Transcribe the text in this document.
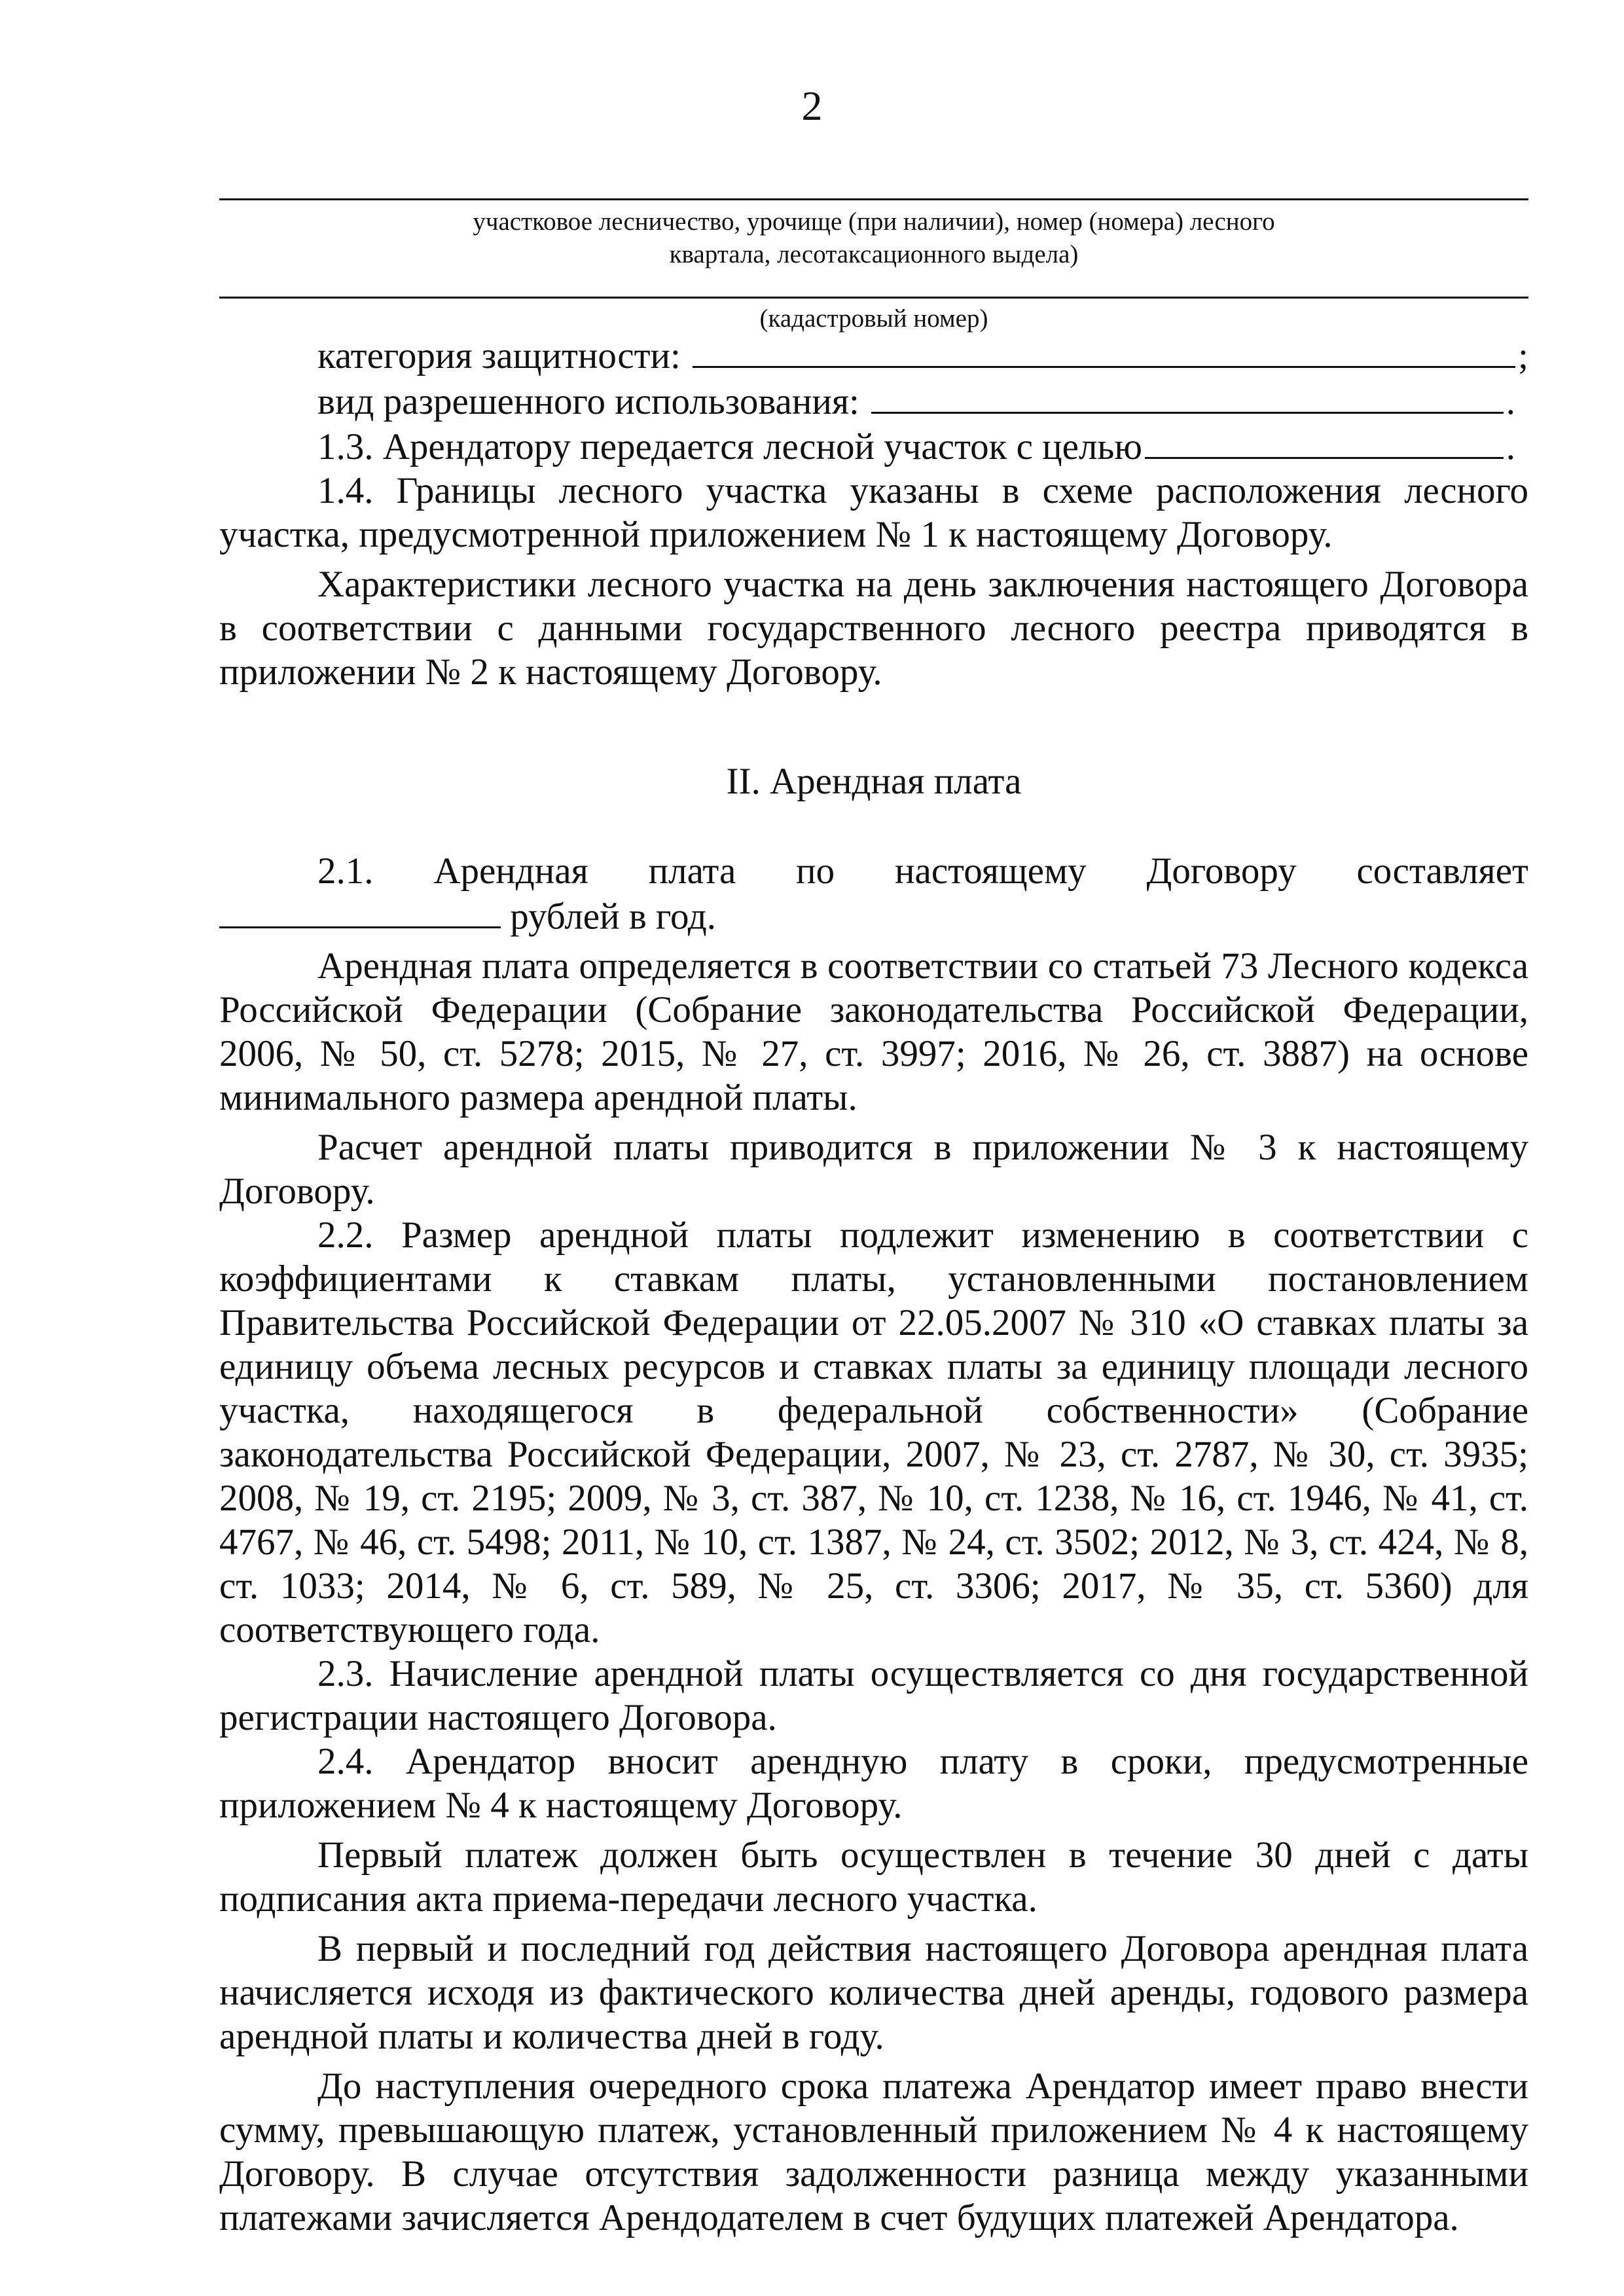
2
участковое лесничество, урочище (при наличии), номер (номера) лесного
квартала, лесотаксационного выдела)
(кадастровый номер)
категория защитности:	;
вид разрешенного использования:	.
1.3. Арендатору передается лесной участок с целью	.

1.4. Границы лесного участка указаны в схеме расположения лесного участка, предусмотренной приложением № 1 к настоящему Договору.

Характеристики лесного участка на день заключения настоящего Договора в соответствии с данными государственного лесного реестра приводятся в приложении № 2 к настоящему Договору.

II. Арендная плата
2.1. Арендная плата по настоящему Договору составляет
рублей в год.

Арендная плата определяется в соответствии со статьей 73 Лесного кодекса Российской Федерации (Собрание законодательства Российской Федерации, 2006, № 50, ст. 5278; 2015, № 27, ст. 3997; 2016, № 26, ст. 3887) на основе минимального размера арендной платы.

Расчет арендной платы приводится в приложении № 3 к настоящему Договору.

2.2. Размер арендной платы подлежит изменению в соответствии с коэффициентами к ставкам платы, установленными постановлением Правительства Российской Федерации от 22.05.2007 № 310 «О ставках платы за единицу объема лесных ресурсов и ставках платы за единицу площади лесного участка, находящегося в федеральной собственности» (Собрание законодательства Российской Федерации, 2007, № 23, ст. 2787, № 30, ст. 3935; 2008, № 19, ст. 2195; 2009, № 3, ст. 387, № 10, ст. 1238, № 16, ст. 1946, № 41, ст. 4767, № 46, ст. 5498; 2011, № 10, ст. 1387, № 24, ст. 3502; 2012, № 3, ст. 424, № 8, ст. 1033; 2014, № 6, ст. 589, № 25, ст. 3306; 2017, № 35, ст. 5360) для соответствующего года.

2.3. Начисление арендной платы осуществляется со дня государственной регистрации настоящего Договора.

2.4. Арендатор вносит арендную плату в сроки, предусмотренные приложением № 4 к настоящему Договору.

Первый платеж должен быть осуществлен в течение 30 дней с даты подписания акта приема-передачи лесного участка.

В первый и последний год действия настоящего Договора арендная плата начисляется исходя из фактического количества дней аренды, годового размера арендной платы и количества дней в году.

До наступления очередного срока платежа Арендатор имеет право внести сумму, превышающую платеж, установленный приложением № 4 к настоящему Договору. В случае отсутствия задолженности разница между указанными платежами зачисляется Арендодателем в счет будущих платежей Арендатора.
